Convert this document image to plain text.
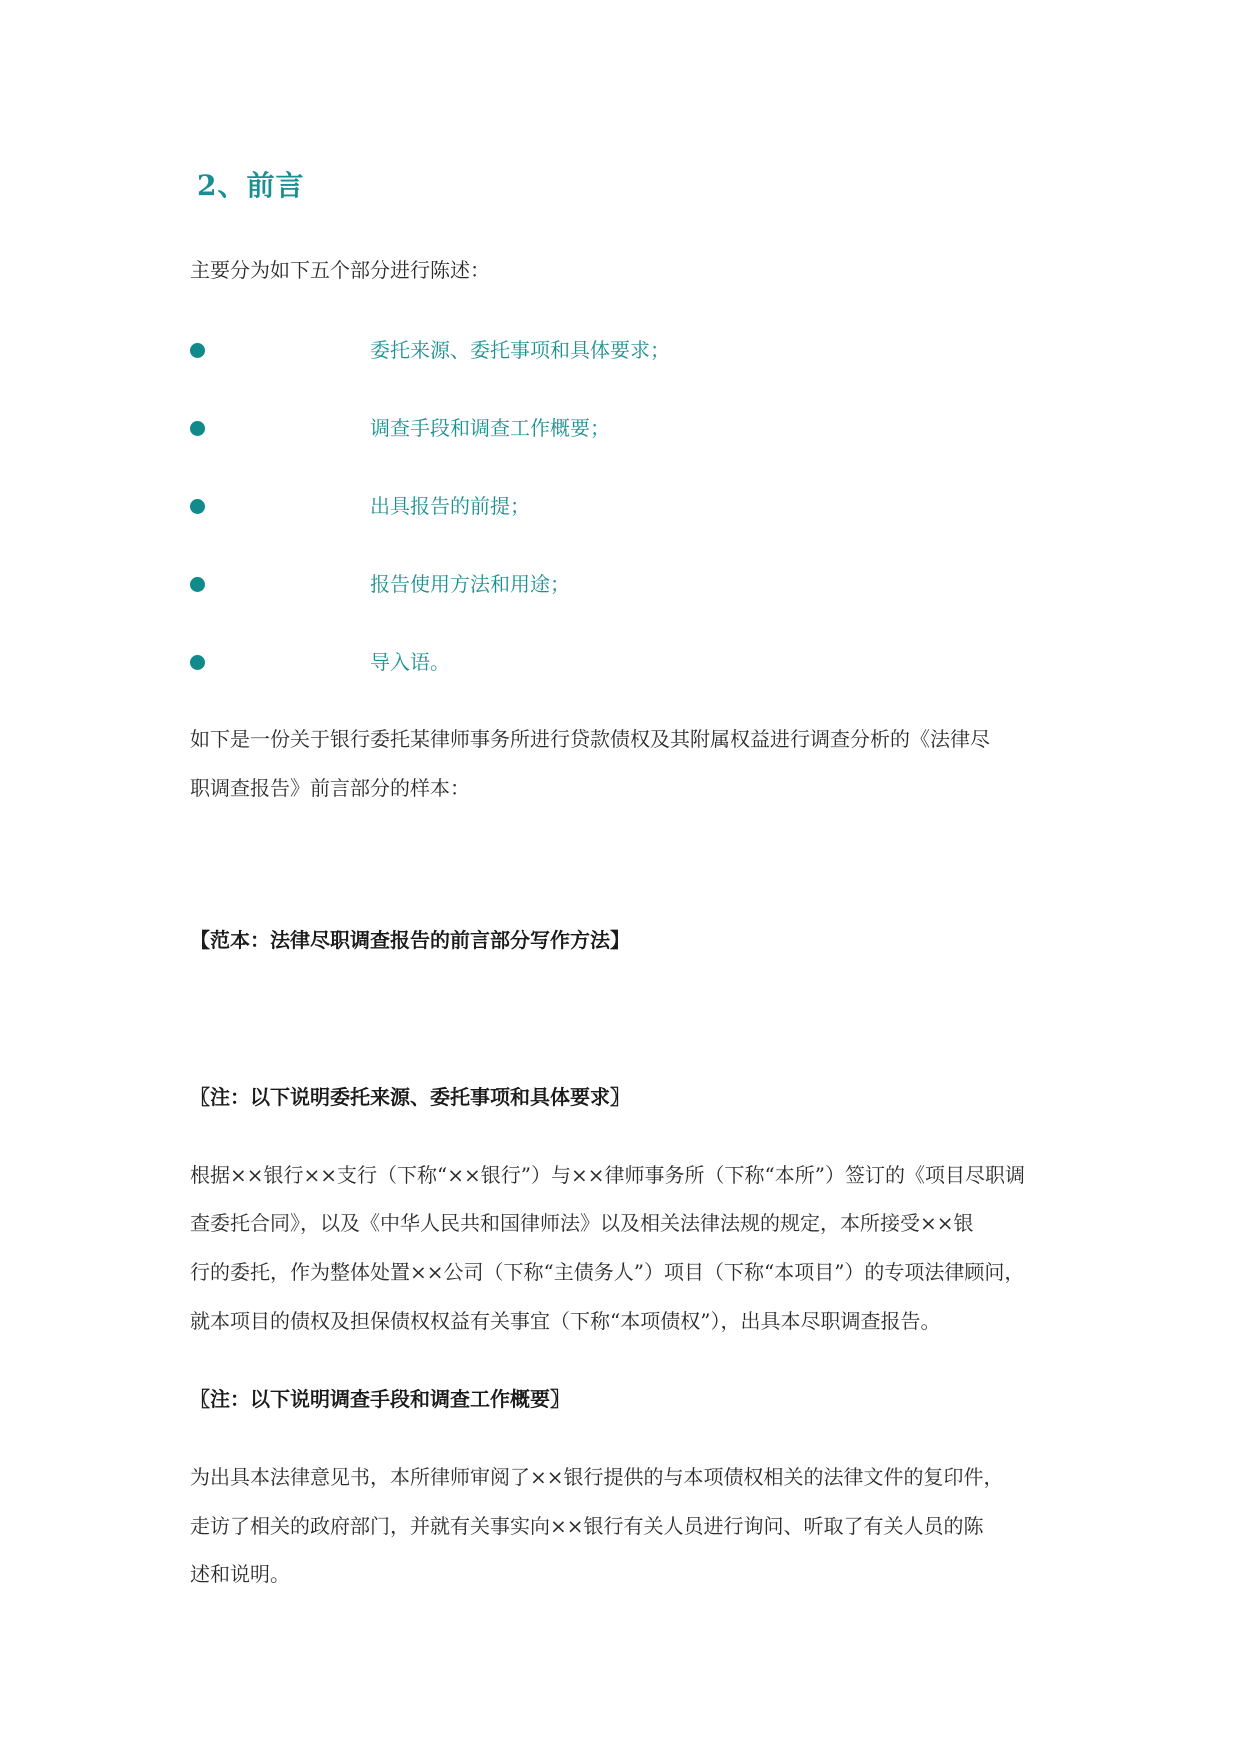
2、前言
主要分为如下五个部分进行陈述：
委托来源、委托事项和具体要求；
调查手段和调查工作概要；
出具报告的前提；
报告使用方法和用途；
导入语。
如下是一份关于银行委托某律师事务所进行贷款债权及其附属权益进行调查分析的《法律尽
职调查报告》前言部分的样本：
【范本：法律尽职调查报告的前言部分写作方法】
〖注：以下说明委托来源、委托事项和具体要求〗
根据××银行××支行（下称“××银行”）与××律师事务所（下称“本所”）签订的《项目尽职调
查委托合同》，以及《中华人民共和国律师法》以及相关法律法规的规定，本所接受××银
行的委托，作为整体处置××公司（下称“主债务人”）项目（下称“本项目”）的专项法律顾问，
就本项目的债权及担保债权权益有关事宜（下称“本项债权”），出具本尽职调查报告。
〖注：以下说明调查手段和调查工作概要〗
为出具本法律意见书，本所律师审阅了××银行提供的与本项债权相关的法律文件的复印件，
走访了相关的政府部门，并就有关事实向××银行有关人员进行询问、听取了有关人员的陈
述和说明。
